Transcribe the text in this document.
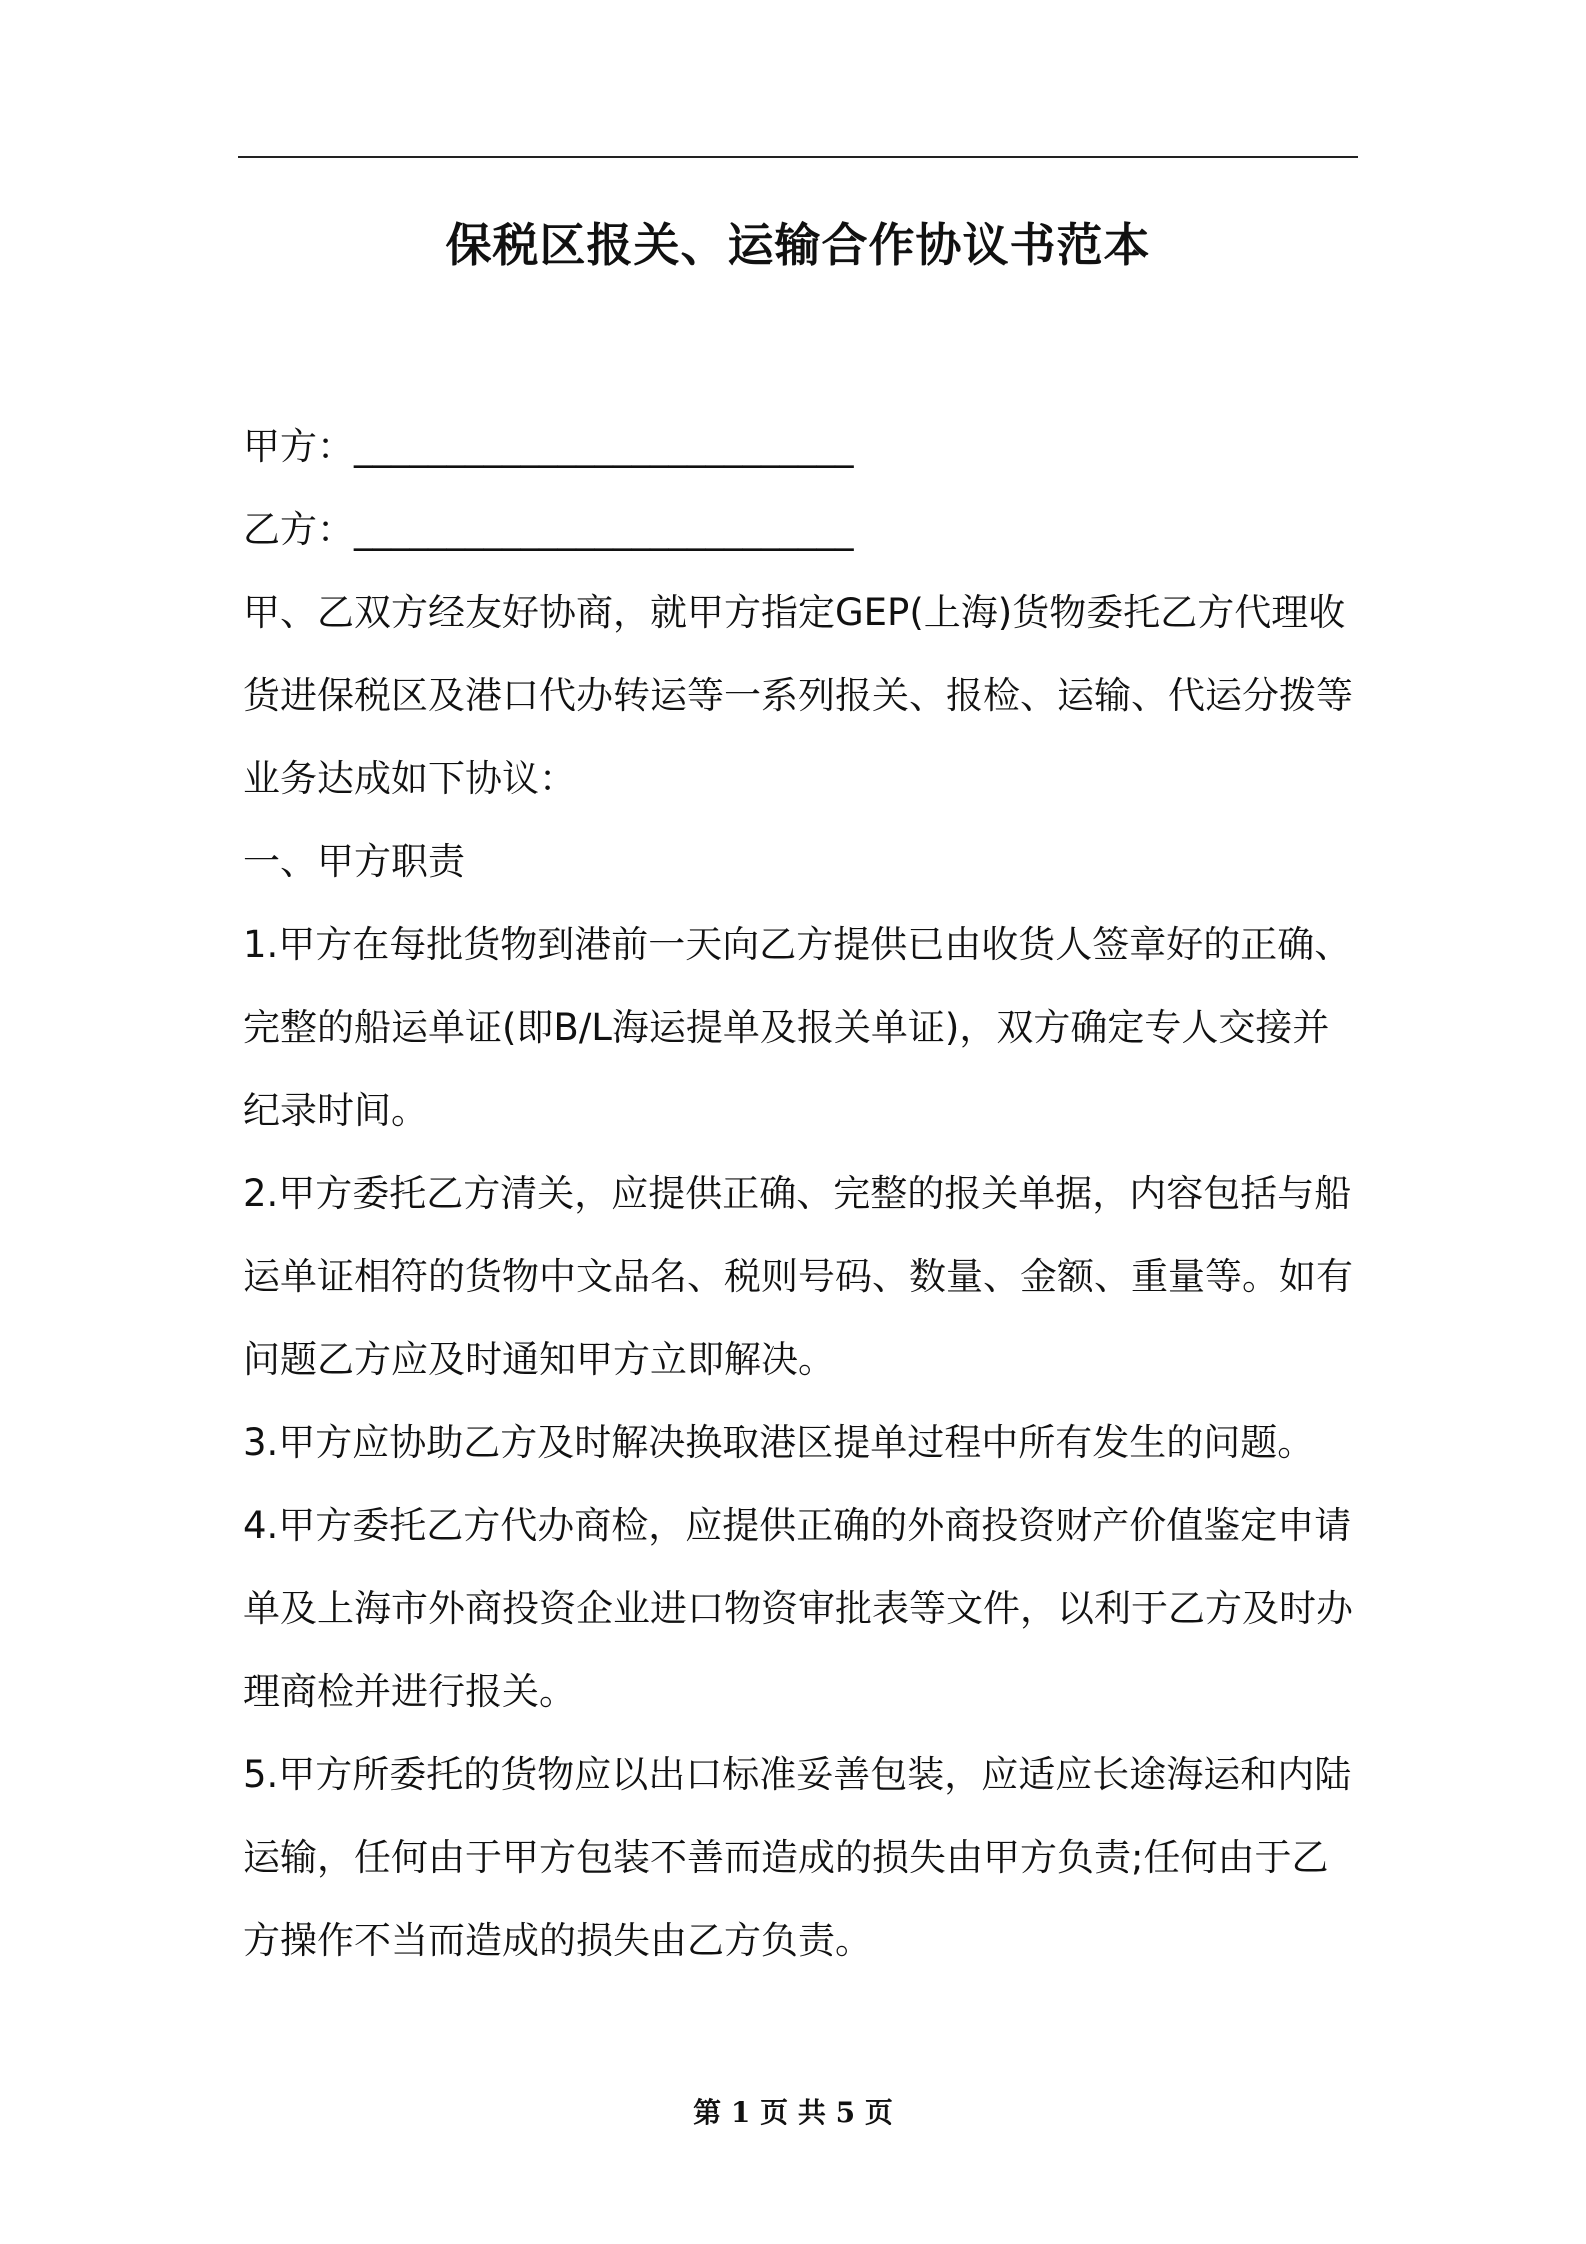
保税区报关、运输合作协议书范本

甲方：___________________________

乙方：___________________________

甲、乙双方经友好协商，就甲方指定GEP(上海)货物委托乙方代理收货进保税区及港口代办转运等一系列报关、报检、运输、代运分拨等业务达成如下协议：

一、甲方职责

1.甲方在每批货物到港前一天向乙方提供已由收货人签章好的正确、完整的船运单证(即B/L海运提单及报关单证)，双方确定专人交接并纪录时间。

2.甲方委托乙方清关，应提供正确、完整的报关单据，内容包括与船运单证相符的货物中文品名、税则号码、数量、金额、重量等。如有问题乙方应及时通知甲方立即解决。

3.甲方应协助乙方及时解决换取港区提单过程中所有发生的问题。

4.甲方委托乙方代办商检，应提供正确的外商投资财产价值鉴定申请单及上海市外商投资企业进口物资审批表等文件，以利于乙方及时办理商检并进行报关。

5.甲方所委托的货物应以出口标准妥善包装，应适应长途海运和内陆运输，任何由于甲方包装不善而造成的损失由甲方负责;任何由于乙方操作不当而造成的损失由乙方负责。

第 1 页 共 5 页
